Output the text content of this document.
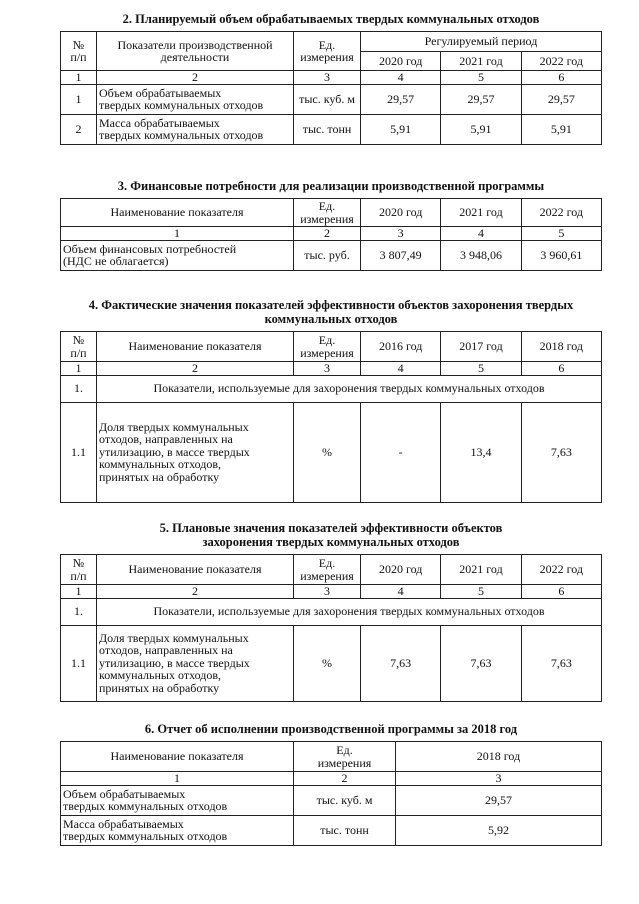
2. Планируемый объем обрабатываемых твердых коммунальных отходов
№
п/п	Показатели производственной
деятельности	Ед.
измерения	Регулируемый период		
			2020 год	2021 год	2022 год
1	2	3	4	5	6
1	Объем обрабатываемых
твердых коммунальных отходов	тыс. куб. м	29,57	29,57	29,57
2	Масса обрабатываемых
твердых коммунальных отходов	тыс. тонн	5,91	5,91	5,91
3. Финансовые потребности для реализации производственной программы
Наименование показателя	Ед.
измерения	2020 год	2021 год	2022 год
1	2	3	4	5
Объем финансовых потребностей
(НДС не облагается)	тыс. руб.	3 807,49	3 948,06	3 960,61
4. Фактические значения показателей эффективности объектов захоронения твердых
коммунальных отходов
№
п/п	Наименование показателя	Ед.
измерения	2016 год	2017 год	2018 год
1	2	3	4	5	6
1.	Показатели, используемые для захоронения твердых коммунальных отходов				
1.1	Доля твердых коммунальных
отходов, направленных на
утилизацию, в массе твердых
коммунальных отходов,
принятых на обработку	%	-	13,4	7,63
5. Плановые значения показателей эффективности объектов
захоронения твердых коммунальных отходов
№
п/п	Наименование показателя	Ед.
измерения	2020 год	2021 год	2022 год
1	2	3	4	5	6
1.	Показатели, используемые для захоронения твердых коммунальных отходов				
1.1	Доля твердых коммунальных
отходов, направленных на
утилизацию, в массе твердых
коммунальных отходов,
принятых на обработку	%	7,63	7,63	7,63
6. Отчет об исполнении производственной программы за 2018 год
Наименование показателя	Ед.
измерения	2018 год
1	2	3
Объем обрабатываемых
твердых коммунальных отходов	тыс. куб. м	29,57
Масса обрабатываемых
твердых коммунальных отходов	тыс. тонн	5,92
